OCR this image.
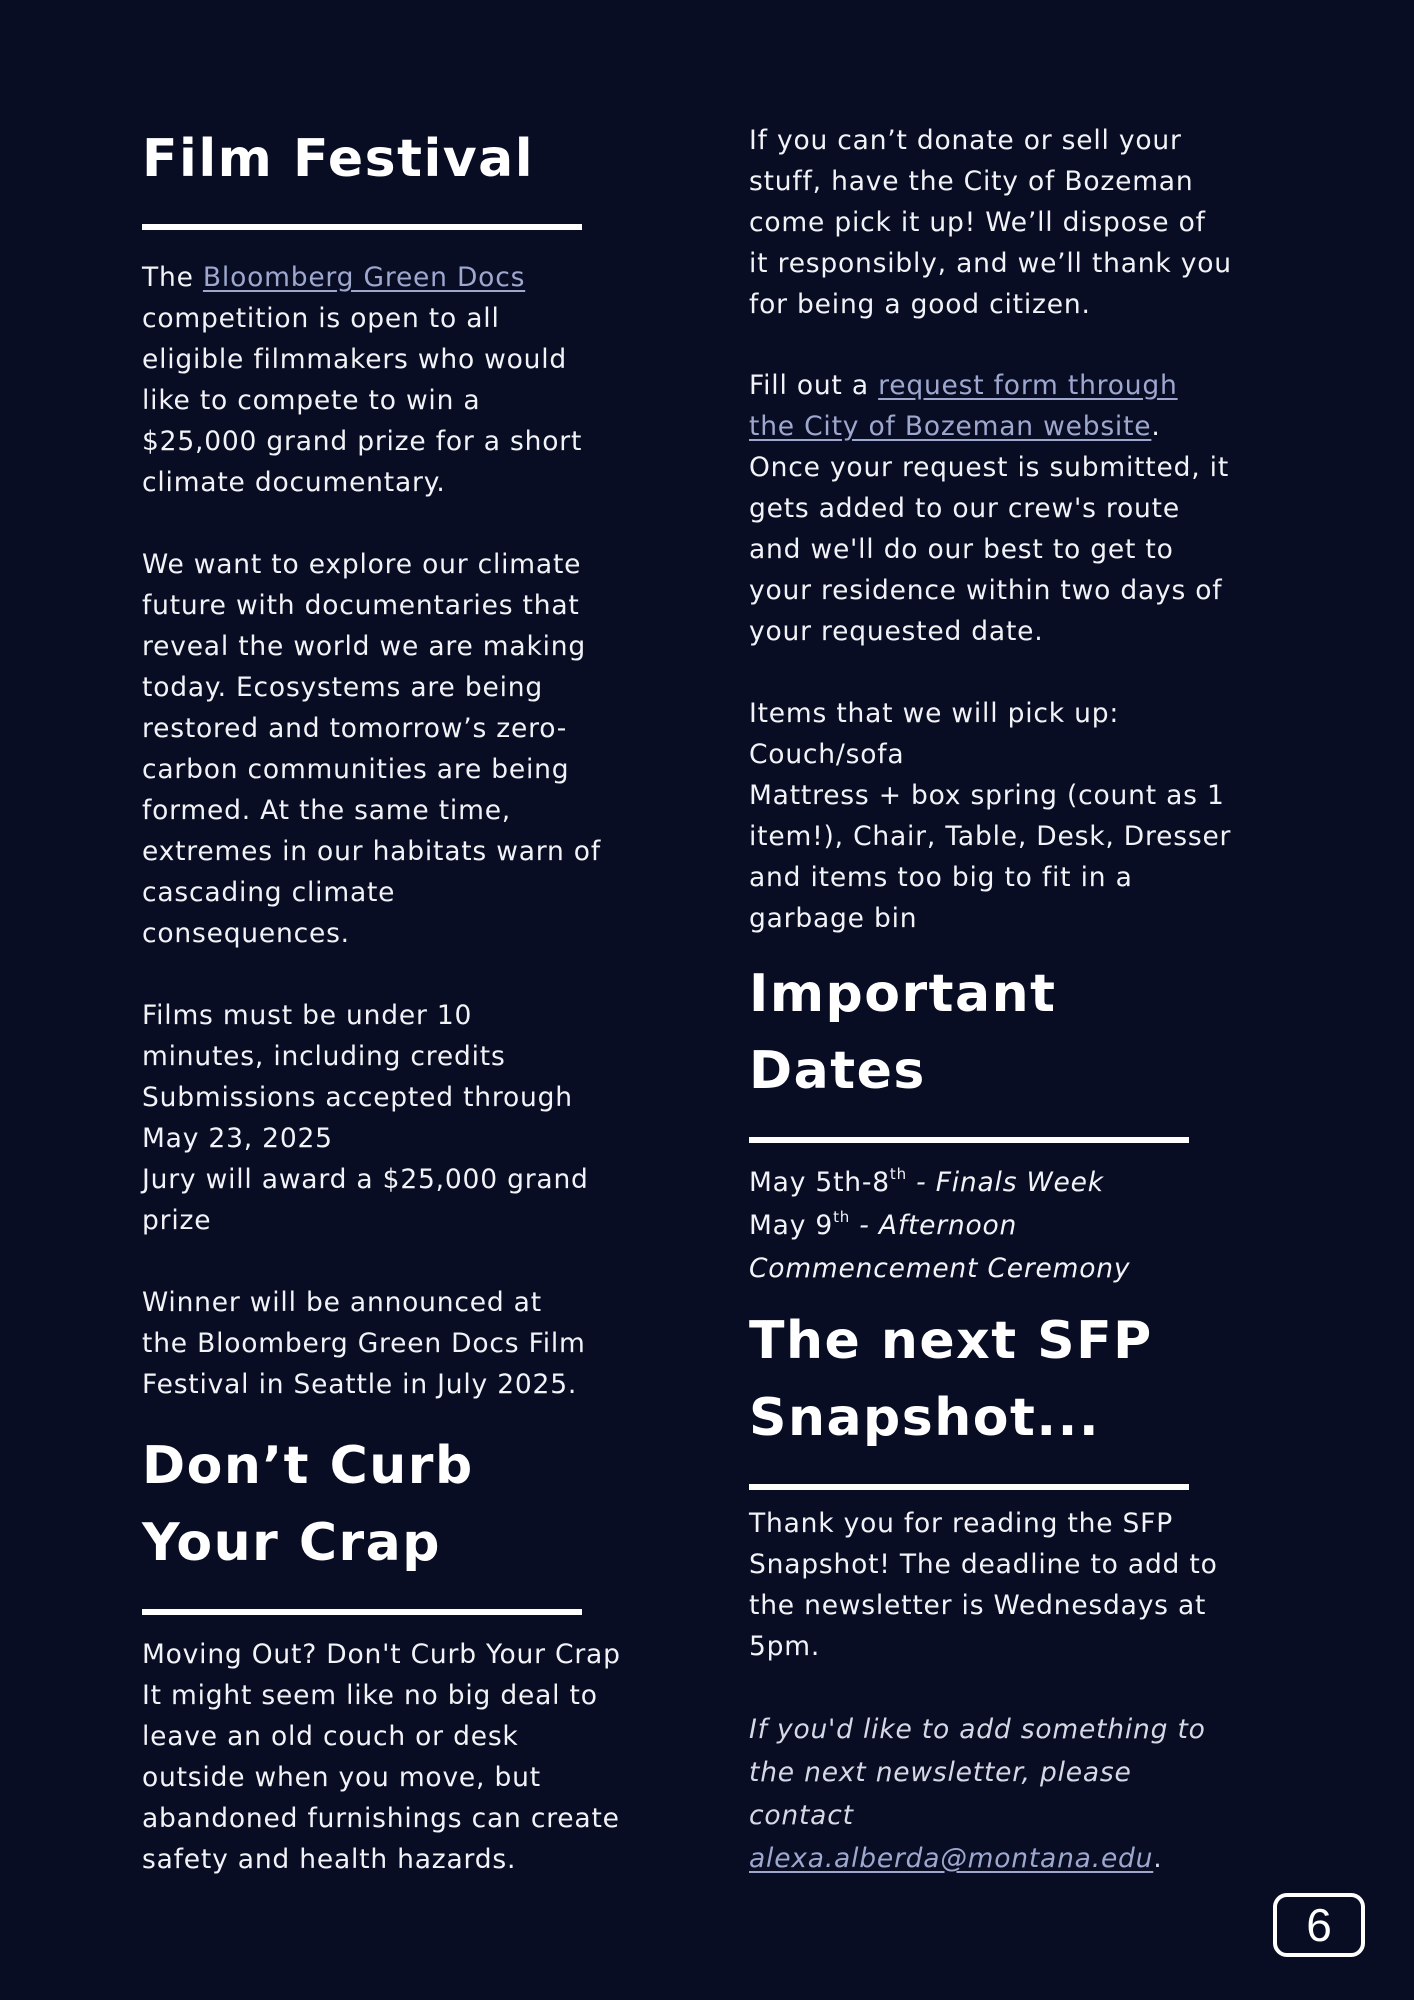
Film Festival
The Bloomberg Green Docs
competition is open to all
eligible filmmakers who would
like to compete to win a
$25,000 grand prize for a short
climate documentary.
We want to explore our climate
future with documentaries that
reveal the world we are making
today. Ecosystems are being
restored and tomorrow’s zero-
carbon communities are being
formed. At the same time,
extremes in our habitats warn of
cascading climate
consequences.
Films must be under 10
minutes, including credits
Submissions accepted through
May 23, 2025
Jury will award a $25,000 grand
prize
Winner will be announced at
the Bloomberg Green Docs Film
Festival in Seattle in July 2025.
Don’t Curb
Your Crap
Moving Out? Don't Curb Your Crap
It might seem like no big deal to
leave an old couch or desk
outside when you move, but
abandoned furnishings can create
safety and health hazards.
If you can’t donate or sell your
stuff, have the City of Bozeman
come pick it up! We’ll dispose of
it responsibly, and we’ll thank you
for being a good citizen.
Fill out a request form through
the City of Bozeman website.
Once your request is submitted, it
gets added to our crew's route
and we'll do our best to get to
your residence within two days of
your requested date.
Items that we will pick up:
Couch/sofa
Mattress + box spring (count as 1
item!), Chair, Table, Desk, Dresser
and items too big to fit in a
garbage bin
Important
Dates
May 5th-8th - Finals Week
May 9th - Afternoon
Commencement Ceremony
The next SFP
Snapshot...
Thank you for reading the SFP
Snapshot! The deadline to add to
the newsletter is Wednesdays at
5pm.
If you'd like to add something to
the next newsletter, please
contact
alexa.alberda@montana.edu.
6
